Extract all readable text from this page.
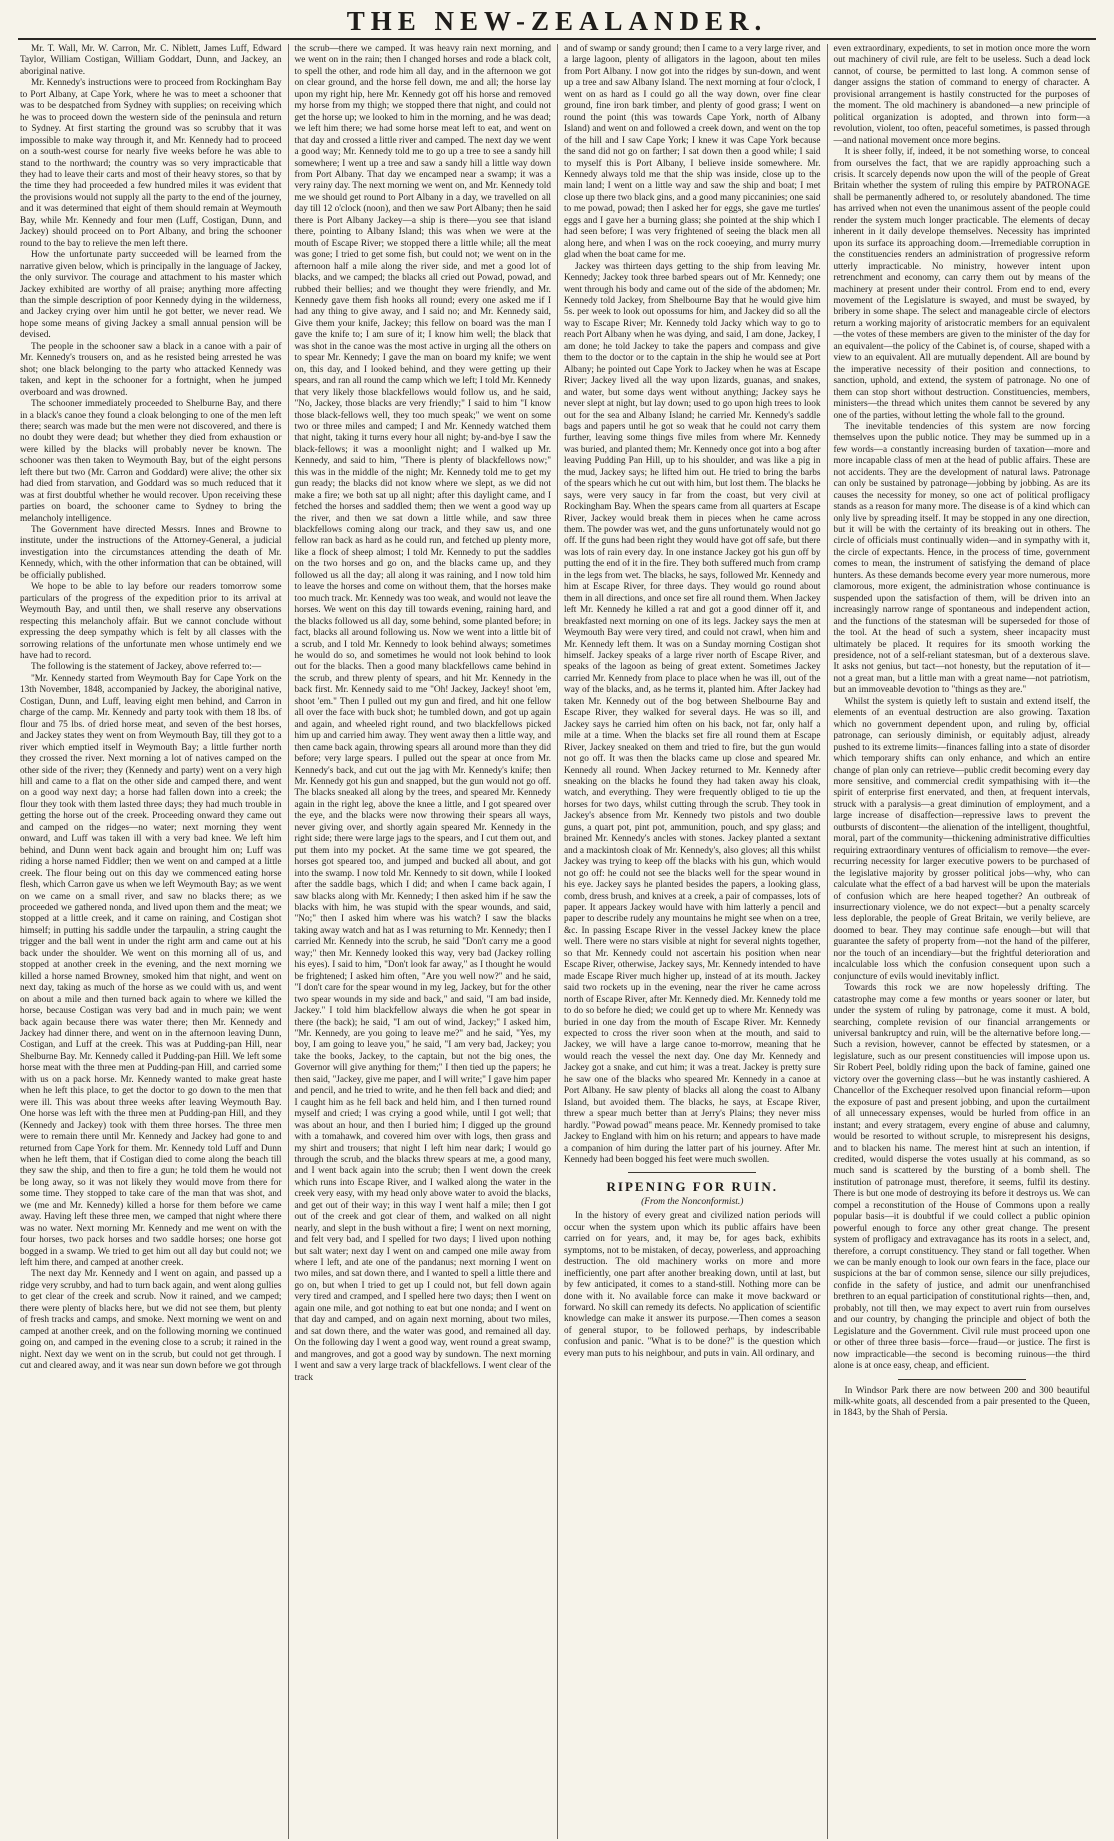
THE NEW-ZEALANDER.

Mr. T. Wall, Mr. W. Carron, Mr. C. Niblett, James Luff, Edward Taylor, William Costigan, William Goddart, Dunn, and Jackey, an aboriginal native.

Mr. Kennedy's instructions were to proceed from Rockingham Bay to Port Albany, at Cape York, where he was to meet a schooner that was to be despatched from Sydney with supplies; on receiving which he was to proceed down the western side of the peninsula and return to Sydney. At first starting the ground was so scrubby that it was impossible to make way through it, and Mr. Kennedy had to proceed on a south-west course for nearly five weeks before he was able to stand to the northward; the country was so very impracticable that they had to leave their carts and most of their heavy stores, so that by the time they had proceeded a few hundred miles it was evident that the provisions would not supply all the party to the end of the journey, and it was determined that eight of them should remain at Weymouth Bay, while Mr. Kennedy and four men (Luff, Costigan, Dunn, and Jackey) should proceed on to Port Albany, and bring the schooner round to the bay to relieve the men left there.

How the unfortunate party succeeded will be learned from the narrative given below, which is principally in the language of Jackey, the only survivor. The courage and attachment to his master which Jackey exhibited are worthy of all praise; anything more affecting than the simple description of poor Kennedy dying in the wilderness, and Jackey crying over him until he got better, we never read. We hope some means of giving Jackey a small annual pension will be devised.

The people in the schooner saw a black in a canoe with a pair of Mr. Kennedy's trousers on, and as he resisted being arrested he was shot; one black belonging to the party who attacked Kennedy was taken, and kept in the schooner for a fortnight, when he jumped overboard and was drowned.

The schooner immediately proceeded to Shelburne Bay, and there in a black's canoe they found a cloak belonging to one of the men left there; search was made but the men were not discovered, and there is no doubt they were dead; but whether they died from exhaustion or were killed by the blacks will probably never be known. The schooner was then taken to Weymouth Bay, but of the eight persons left there but two (Mr. Carron and Goddard) were alive; the other six had died from starvation, and Goddard was so much reduced that it was at first doubtful whether he would recover. Upon receiving these parties on board, the schooner came to Sydney to bring the melancholy intelligence.

The Government have directed Messrs. Innes and Browne to institute, under the instructions of the Attorney-General, a judicial investigation into the circumstances attending the death of Mr. Kennedy, which, with the other information that can be obtained, will be officially published.

We hope to be able to lay before our readers tomorrow some particulars of the progress of the expedition prior to its arrival at Weymouth Bay, and until then, we shall reserve any observations respecting this melancholy affair. But we cannot conclude without expressing the deep sympathy which is felt by all classes with the sorrowing relations of the unfortunate men whose untimely end we have had to record.

The following is the statement of Jackey, above referred to:—

"Mr. Kennedy started from Weymouth Bay for Cape York on the 13th November, 1848, accompanied by Jackey, the aboriginal native, Costigan, Dunn, and Luff, leaving eight men behind, and Carron in charge of the camp. Mr. Kennedy and party took with them 18 lbs. of flour and 75 lbs. of dried horse meat, and seven of the best horses, and Jackey states they went on from Weymouth Bay, till they got to a river which emptied itself in Weymouth Bay; a little further north they crossed the river. Next morning a lot of natives camped on the other side of the river; they (Kennedy and party) went on a very high hill and came to a flat on the other side and camped there, and went on a good way next day; a horse had fallen down into a creek; the flour they took with them lasted three days; they had much trouble in getting the horse out of the creek. Proceeding onward they came out and camped on the ridges—no water; next morning they went onward, and Luff was taken ill with a very bad knee. We left him behind, and Dunn went back again and brought him on; Luff was riding a horse named Fiddler; then we went on and camped at a little creek. The flour being out on this day we commenced eating horse flesh, which Carron gave us when we left Weymouth Bay; as we went on we came on a small river, and saw no blacks there; as we proceeded we gathered nonda, and lived upon them and the meat; we stopped at a little creek, and it came on raining, and Costigan shot himself; in putting his saddle under the tarpaulin, a string caught the trigger and the ball went in under the right arm and came out at his back under the shoulder. We went on this morning all of us, and stopped at another creek in the evening, and the next morning we killed a horse named Browney, smoked him that night, and went on next day, taking as much of the horse as we could with us, and went on about a mile and then turned back again to where we killed the horse, because Costigan was very bad and in much pain; we went back again because there was water there; then Mr. Kennedy and Jackey had dinner there, and went on in the afternoon leaving Dunn, Costigan, and Luff at the creek. This was at Pudding-pan Hill, near Shelburne Bay. Mr. Kennedy called it Pudding-pan Hill. We left some horse meat with the three men at Pudding-pan Hill, and carried some with us on a pack horse. Mr. Kennedy wanted to make great haste when he left this place, to get the doctor to go down to the men that were ill. This was about three weeks after leaving Weymouth Bay. One horse was left with the three men at Pudding-pan Hill, and they (Kennedy and Jackey) took with them three horses. The three men were to remain there until Mr. Kennedy and Jackey had gone to and returned from Cape York for them. Mr. Kennedy told Luff and Dunn when he left them, that if Costigan died to come along the beach till they saw the ship, and then to fire a gun; he told them he would not be long away, so it was not likely they would move from there for some time. They stopped to take care of the man that was shot, and we (me and Mr. Kennedy) killed a horse for them before we came away. Having left these three men, we camped that night where there was no water. Next morning Mr. Kennedy and me went on with the four horses, two pack horses and two saddle horses; one horse got bogged in a swamp. We tried to get him out all day but could not; we left him there, and camped at another creek.

The next day Mr. Kennedy and I went on again, and passed up a ridge very scrubby, and had to turn back again, and went along gullies to get clear of the creek and scrub. Now it rained, and we camped; there were plenty of blacks here, but we did not see them, but plenty of fresh tracks and camps, and smoke. Next morning we went on and camped at another creek, and on the following morning we continued going on, and camped in the evening close to a scrub; it rained in the night. Next day we went on in the scrub, but could not get through. I cut and cleared away, and it was near sun down before we got through

the scrub—there we camped. It was heavy rain next morning, and we went on in the rain; then I changed horses and rode a black colt, to spell the other, and rode him all day, and in the afternoon we got on clear ground, and the horse fell down, me and all; the horse lay upon my right hip, here Mr. Kennedy got off his horse and removed my horse from my thigh; we stopped there that night, and could not get the horse up; we looked to him in the morning, and he was dead; we left him there; we had some horse meat left to eat, and went on that day and crossed a little river and camped. The next day we went a good way; Mr. Kennedy told me to go up a tree to see a sandy hill somewhere; I went up a tree and saw a sandy hill a little way down from Port Albany. That day we encamped near a swamp; it was a very rainy day. The next morning we went on, and Mr. Kennedy told me we should get round to Port Albany in a day, we travelled on all day till 12 o'clock (noon), and then we saw Port Albany; then he said there is Port Albany Jackey—a ship is there—you see that island there, pointing to Albany Island; this was when we were at the mouth of Escape River; we stopped there a little while; all the meat was gone; I tried to get some fish, but could not; we went on in the afternoon half a mile along the river side, and met a good lot of blacks, and we camped; the blacks all cried out Powad, powad, and rubbed their bellies; and we thought they were friendly, and Mr. Kennedy gave them fish hooks all round; every one asked me if I had any thing to give away, and I said no; and Mr. Kennedy said, Give them your knife, Jackey; this fellow on board was the man I gave the knife to; I am sure of it; I know him well; the black that was shot in the canoe was the most active in urging all the others on to spear Mr. Kennedy; I gave the man on board my knife; we went on, this day, and I looked behind, and they were getting up their spears, and ran all round the camp which we left; I told Mr. Kennedy that very likely those blackfellows would follow us, and he said, "No, Jackey, those blacks are very friendly;" I said to him "I know those black-fellows well, they too much speak;" we went on some two or three miles and camped; I and Mr. Kennedy watched them that night, taking it turns every hour all night; by-and-bye I saw the black-fellows; it was a moonlight night; and I walked up Mr. Kennedy, and said to him, "There is plenty of blackfellows now;" this was in the middle of the night; Mr. Kennedy told me to get my gun ready; the blacks did not know where we slept, as we did not make a fire; we both sat up all night; after this daylight came, and I fetched the horses and saddled them; then we went a good way up the river, and then we sat down a little while, and saw three blackfellows coming along our track, and they saw us, and one fellow ran back as hard as he could run, and fetched up plenty more, like a flock of sheep almost; I told Mr. Kennedy to put the saddles on the two horses and go on, and the blacks came up, and they followed us all the day; all along it was raining, and I now told him to leave the horses and come on without them, that the horses make too much track. Mr. Kennedy was too weak, and would not leave the horses. We went on this day till towards evening, raining hard, and the blacks followed us all day, some behind, some planted before; in fact, blacks all around following us. Now we went into a little bit of a scrub, and I told Mr. Kennedy to look behind always; sometimes he would do so, and sometimes he would not look behind to look out for the blacks. Then a good many blackfellows came behind in the scrub, and threw plenty of spears, and hit Mr. Kennedy in the back first. Mr. Kennedy said to me "Oh! Jackey, Jackey! shoot 'em, shoot 'em." Then I pulled out my gun and fired, and hit one fellow all over the face with buck shot; he tumbled down, and got up again and again, and wheeled right round, and two blackfellows picked him up and carried him away. They went away then a little way, and then came back again, throwing spears all around more than they did before; very large spears. I pulled out the spear at once from Mr. Kennedy's back, and cut out the jag with Mr. Kennedy's knife; then Mr. Kennedy got his gun and snapped, but the gun would not go off. The blacks sneaked all along by the trees, and speared Mr. Kennedy again in the right leg, above the knee a little, and I got speared over the eye, and the blacks were now throwing their spears all ways, never giving over, and shortly again speared Mr. Kennedy in the right side; there were large jags to the spears, and I cut them out, and put them into my pocket. At the same time we got speared, the horses got speared too, and jumped and bucked all about, and got into the swamp. I now told Mr. Kennedy to sit down, while I looked after the saddle bags, which I did; and when I came back again, I saw blacks along with Mr. Kennedy; I then asked him if he saw the blacks with him, he was stupid with the spear wounds, and said, "No;" then I asked him where was his watch? I saw the blacks taking away watch and hat as I was returning to Mr. Kennedy; then I carried Mr. Kennedy into the scrub, he said "Don't carry me a good way;" then Mr. Kennedy looked this way, very bad (Jackey rolling his eyes). I said to him, "Don't look far away," as I thought he would be frightened; I asked him often, "Are you well now?" and he said, "I don't care for the spear wound in my leg, Jackey, but for the other two spear wounds in my side and back," and said, "I am bad inside, Jackey." I told him blackfellow always die when he got spear in there (the back); he said, "I am out of wind, Jackey;" I asked him, "Mr. Kennedy, are you going to leave me?" and he said, "Yes, my boy, I am going to leave you," he said, "I am very bad, Jackey; you take the books, Jackey, to the captain, but not the big ones, the Governor will give anything for them;" I then tied up the papers; he then said, "Jackey, give me paper, and I will write;" I gave him paper and pencil, and he tried to write, and he then fell back and died; and I caught him as he fell back and held him, and I then turned round myself and cried; I was crying a good while, until I got well; that was about an hour, and then I buried him; I digged up the ground with a tomahawk, and covered him over with logs, then grass and my shirt and trousers; that night I left him near dark; I would go through the scrub, and the blacks threw spears at me, a good many, and I went back again into the scrub; then I went down the creek which runs into Escape River, and I walked along the water in the creek very easy, with my head only above water to avoid the blacks, and get out of their way; in this way I went half a mile; then I got out of the creek and got clear of them, and walked on all night nearly, and slept in the bush without a fire; I went on next morning, and felt very bad, and I spelled for two days; I lived upon nothing but salt water; next day I went on and camped one mile away from where I left, and ate one of the pandanus; next morning I went on two miles, and sat down there, and I wanted to spell a little there and go on, but when I tried to get up I could not, but fell down again very tired and cramped, and I spelled here two days; then I went on again one mile, and got nothing to eat but one nonda; and I went on that day and camped, and on again next morning, about two miles, and sat down there, and the water was good, and remained all day. On the following day I went a good way, went round a great swamp, and mangroves, and got a good way by sundown. The next morning I went and saw a very large track of blackfellows. I went clear of the track

and of swamp or sandy ground; then I came to a very large river, and a large lagoon, plenty of alligators in the lagoon, about ten miles from Port Albany. I now got into the ridges by sun-down, and went up a tree and saw Albany Island. The next morning at four o'clock, I went on as hard as I could go all the way down, over fine clear ground, fine iron bark timber, and plenty of good grass; I went on round the point (this was towards Cape York, north of Albany Island) and went on and followed a creek down, and went on the top of the hill and I saw Cape York; I knew it was Cape York because the sand did not go on farther; I sat down then a good while; I said to myself this is Port Albany, I believe inside somewhere. Mr. Kennedy always told me that the ship was inside, close up to the main land; I went on a little way and saw the ship and boat; I met close up there two black gins, and a good many piccaninies; one said to me powad, powad; then I asked her for eggs, she gave me turtles' eggs and I gave her a burning glass; she pointed at the ship which I had seen before; I was very frightened of seeing the black men all along here, and when I was on the rock cooeying, and murry murry glad when the boat came for me.

Jackey was thirteen days getting to the ship from leaving Mr. Kennedy; Jackey took three barbed spears out of Mr. Kennedy; one went through his body and came out of the side of the abdomen; Mr. Kennedy told Jackey, from Shelbourne Bay that he would give him 5s. per week to look out opossums for him, and Jackey did so all the way to Escape River; Mr. Kennedy told Jacky which way to go to reach Port Albany when he was dying, and said, I am done, Jackey, I am done; he told Jackey to take the papers and compass and give them to the doctor or to the captain in the ship he would see at Port Albany; he pointed out Cape York to Jackey when he was at Escape River; Jackey lived all the way upon lizards, guanas, and snakes, and water, but some days went without anything; Jackey says he never slept at night, but lay down; used to go upon high trees to look out for the sea and Albany Island; he carried Mr. Kennedy's saddle bags and papers until he got so weak that he could not carry them further, leaving some things five miles from where Mr. Kennedy was buried, and planted them; Mr. Kennedy once got into a bog after leaving Pudding Pan Hill, up to his shoulder, and was like a pig in the mud, Jackey says; he lifted him out. He tried to bring the barbs of the spears which he cut out with him, but lost them. The blacks he says, were very saucy in far from the coast, but very civil at Rockingham Bay. When the spears came from all quarters at Escape River, Jackey would break them in pieces when he came across them. The powder was wet, and the guns unfortunately would not go off. If the guns had been right they would have got off safe, but there was lots of rain every day. In one instance Jackey got his gun off by putting the end of it in the fire. They both suffered much from cramp in the legs from wet. The blacks, he says, followed Mr. Kennedy and him at Escape River, for three days. They would go round about them in all directions, and once set fire all round them. When Jackey left Mr. Kennedy he killed a rat and got a good dinner off it, and breakfasted next morning on one of its legs. Jackey says the men at Weymouth Bay were very tired, and could not crawl, when him and Mr. Kennedy left them. It was on a Sunday morning Costigan shot himself. Jackey speaks of a large river north of Escape River, and speaks of the lagoon as being of great extent. Sometimes Jackey carried Mr. Kennedy from place to place when he was ill, out of the way of the blacks, and, as he terms it, planted him. After Jackey had taken Mr. Kennedy out of the bog between Shelbourne Bay and Escape River, they walked for several days. He was so ill, and Jackey says he carried him often on his back, not far, only half a mile at a time. When the blacks set fire all round them at Escape River, Jackey sneaked on them and tried to fire, but the gun would not go off. It was then the blacks came up close and speared Mr. Kennedy all round. When Jackey returned to Mr. Kennedy after sneaking on the blacks he found they had taken away his cloak, watch, and everything. They were frequently obliged to tie up the horses for two days, whilst cutting through the scrub. They took in Jackey's absence from Mr. Kennedy two pistols and two double guns, a quart pot, pint pot, ammunition, pouch, and spy glass; and brained Mr. Kennedy's ancles with stones. Jackey planted a sextant and a mackintosh cloak of Mr. Kennedy's, also gloves; all this whilst Jackey was trying to keep off the blacks with his gun, which would not go off: he could not see the blacks well for the spear wound in his eye. Jackey says he planted besides the papers, a looking glass, comb, dress brush, and knives at a creek, a pair of compasses, lots of paper. It appears Jackey would have with him latterly a pencil and paper to describe rudely any mountains he might see when on a tree, &c. In passing Escape River in the vessel Jackey knew the place well. There were no stars visible at night for several nights together, so that Mr. Kennedy could not ascertain his position when near Escape River, otherwise, Jackey says, Mr. Kennedy intended to have made Escape River much higher up, instead of at its mouth. Jackey said two rockets up in the evening, near the river he came across north of Escape River, after Mr. Kennedy died. Mr. Kennedy told me to do so before he died; we could get up to where Mr. Kennedy was buried in one day from the mouth of Escape River. Mr. Kennedy expected to cross the river soon when at the mouth, and said to Jackey, we will have a large canoe to-morrow, meaning that he would reach the vessel the next day. One day Mr. Kennedy and Jackey got a snake, and cut him; it was a treat. Jackey is pretty sure he saw one of the blacks who speared Mr. Kennedy in a canoe at Port Albany. He saw plenty of blacks all along the coast to Albany Island, but avoided them. The blacks, he says, at Escape River, threw a spear much better than at Jerry's Plains; they never miss hardly. "Powad powad" means peace. Mr. Kennedy promised to take Jackey to England with him on his return; and appears to have made a companion of him during the latter part of his journey. After Mr. Kennedy had been bogged his feet were much swollen.

RIPENING FOR RUIN.
(From the Nonconformist.)

In the history of every great and civilized nation periods will occur when the system upon which its public affairs have been carried on for years, and, it may be, for ages back, exhibits symptoms, not to be mistaken, of decay, powerless, and approaching destruction. The old machinery works on more and more inefficiently, one part after another breaking down, until at last, but by few anticipated, it comes to a stand-still. Nothing more can be done with it. No available force can make it move backward or forward. No skill can remedy its defects. No application of scientific knowledge can make it answer its purpose.—Then comes a season of general stupor, to be followed perhaps, by indescribable confusion and panic. "What is to be done?" is the question which every man puts to his neighbour, and puts in vain. All ordinary, and

even extraordinary, expedients, to set in motion once more the worn out machinery of civil rule, are felt to be useless. Such a dead lock cannot, of course, be permitted to last long. A common sense of danger assigns the station of command to energy of character. A provisional arrangement is hastily constructed for the purposes of the moment. The old machinery is abandoned—a new principle of political organization is adopted, and thrown into form—a revolution, violent, too often, peaceful sometimes, is passed through—and national movement once more begins.

It is sheer folly, if, indeed, it be not something worse, to conceal from ourselves the fact, that we are rapidly approaching such a crisis. It scarcely depends now upon the will of the people of Great Britain whether the system of ruling this empire by PATRONAGE shall be permanently adhered to, or resolutely abandoned. The time has arrived when not even the unanimous assent of the people could render the system much longer practicable. The elements of decay inherent in it daily develope themselves. Necessity has imprinted upon its surface its approaching doom.—Irremediable corruption in the constituencies renders an administration of progressive reform utterly impracticable. No ministry, however intent upon retrenchment and economy, can carry them out by means of the machinery at present under their control. From end to end, every movement of the Legislature is swayed, and must be swayed, by bribery in some shape. The select and manageable circle of electors return a working majority of aristocratic members for an equivalent—the votes of these members are given to the minister of the day for an equivalent—the policy of the Cabinet is, of course, shaped with a view to an equivalent. All are mutually dependent. All are bound by the imperative necessity of their position and connections, to sanction, uphold, and extend, the system of patronage. No one of them can stop short without destruction. Constituencies, members, ministers—the thread which unites them cannot be severed by any one of the parties, without letting the whole fall to the ground.

The inevitable tendencies of this system are now forcing themselves upon the public notice. They may be summed up in a few words—a constantly increasing burden of taxation—more and more incapable class of men at the head of public affairs. These are not accidents. They are the development of natural laws. Patronage can only be sustained by patronage—jobbing by jobbing. As are its causes the necessity for money, so one act of political profligacy stands as a reason for many more. The disease is of a kind which can only live by spreading itself. It may be stopped in any one direction, but it will be with the certainty of its breaking out in others. The circle of officials must continually widen—and in sympathy with it, the circle of expectants. Hence, in the process of time, government comes to mean, the instrument of satisfying the demand of place hunters. As these demands become every year more numerous, more clamorous, more exigent, the administration whose continuance is suspended upon the satisfaction of them, will be driven into an increasingly narrow range of spontaneous and independent action, and the functions of the statesman will be superseded for those of the tool. At the head of such a system, sheer incapacity must ultimately be placed. It requires for its smooth working the presidence, not of a self-reliant statesman, but of a dexterous slave. It asks not genius, but tact—not honesty, but the reputation of it—not a great man, but a little man with a great name—not patriotism, but an immoveable devotion to "things as they are."

Whilst the system is quietly left to sustain and extend itself, the elements of an eventual destruction are also growing. Taxation which no government dependent upon, and ruling by, official patronage, can seriously diminish, or equitably adjust, already pushed to its extreme limits—finances falling into a state of disorder which temporary shifts can only enhance, and which an entire change of plan only can retrieve—public credit becoming every day more sensitive, and commercial credit sympathising with it—the spirit of enterprise first enervated, and then, at frequent intervals, struck with a paralysis—a great diminution of employment, and a large increase of disaffection—repressive laws to prevent the outbursts of discontent—the alienation of the intelligent, thoughtful, moral, part of the community—thickening administrative difficulties requiring extraordinary ventures of officialism to remove—the ever-recurring necessity for larger executive powers to be purchased of the legislative majority by grosser political jobs—why, who can calculate what the effect of a bad harvest will be upon the materials of confusion which are here heaped together? An outbreak of insurrectionary violence, we do not expect—but a penalty scarcely less deplorable, the people of Great Britain, we verily believe, are doomed to bear. They may continue safe enough—but will that guarantee the safety of property from—not the hand of the pilferer, nor the touch of an incendiary—but the frightful deterioration and incalculable loss which the confusion consequent upon such a conjuncture of evils would inevitably inflict.

Towards this rock we are now hopelessly drifting. The catastrophe may come a few months or years sooner or later, but under the system of ruling by patronage, come it must. A bold, searching, complete revision of our financial arrangements or universal bankruptcy and ruin, will be the alternative before long.—Such a revision, however, cannot be effected by statesmen, or a legislature, such as our present constituencies will impose upon us. Sir Robert Peel, boldly riding upon the back of famine, gained one victory over the governing class—but he was instantly cashiered. A Chancellor of the Exchequer resolved upon financial reform—upon the exposure of past and present jobbing, and upon the curtailment of all unnecessary expenses, would be hurled from office in an instant; and every stratagem, every engine of abuse and calumny, would be resorted to without scruple, to misrepresent his designs, and to blacken his name. The merest hint at such an intention, if credited, would disperse the votes usually at his command, as so much sand is scattered by the bursting of a bomb shell. The institution of patronage must, therefore, it seems, fulfil its destiny. There is but one mode of destroying its before it destroys us. We can compel a reconstitution of the House of Commons upon a really popular basis—it is doubtful if we could collect a public opinion powerful enough to force any other great change. The present system of profligacy and extravagance has its roots in a select, and, therefore, a corrupt constituency. They stand or fall together. When we can be manly enough to look our own fears in the face, place our suspicions at the bar of common sense, silence our silly prejudices, confide in the safety of justice, and admit our unenfranchised brethren to an equal participation of constitutional rights—then, and, probably, not till then, we may expect to avert ruin from ourselves and our country, by changing the principle and object of both the Legislature and the Government. Civil rule must proceed upon one or other of three three basis—force—fraud—or justice. The first is now impracticable—the second is becoming ruinous—the third alone is at once easy, cheap, and efficient.

In Windsor Park there are now between 200 and 300 beautiful milk-white goats, all descended from a pair presented to the Queen, in 1843, by the Shah of Persia.
